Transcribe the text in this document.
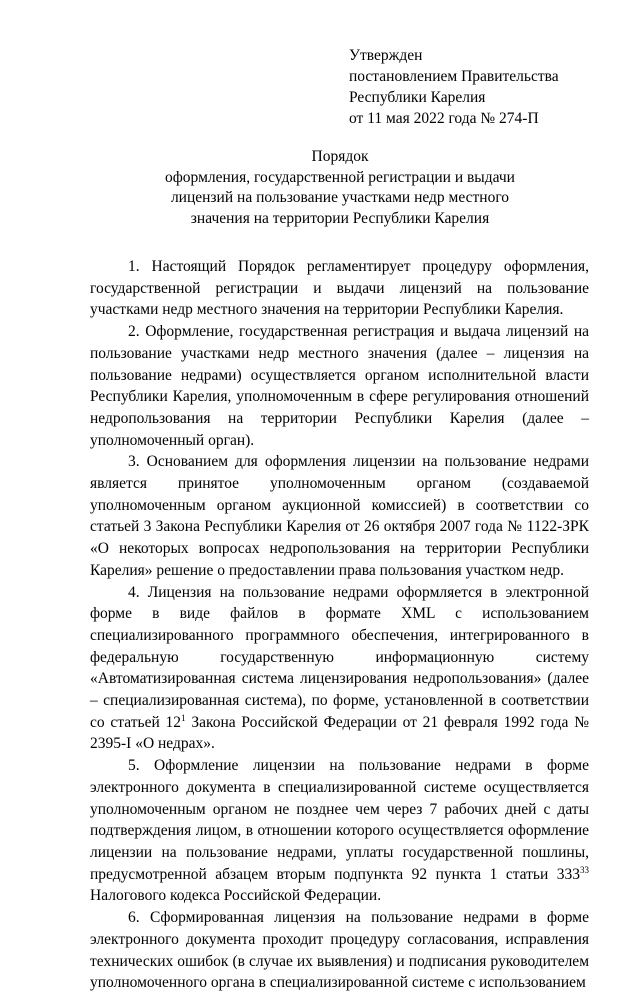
Утвержден
постановлением Правительства
Республики Карелия
от 11 мая 2022 года № 274-П
Порядок
оформления, государственной регистрации и выдачи
лицензий на пользование участками недр местного
значения на территории Республики Карелия

1. Настоящий Порядок регламентирует процедуру оформления, государственной регистрации и выдачи лицензий на пользование участками недр местного значения на территории Республики Карелия.

2. Оформление, государственная регистрация и выдача лицензий на пользование участками недр местного значения (далее – лицензия на пользование недрами) осуществляется органом исполнительной власти Республики Карелия, уполномоченным в сфере регулирования отношений недропользования на территории Республики Карелия (далее – уполномоченный орган).

3. Основанием для оформления лицензии на пользование недрами является принятое уполномоченным органом (создаваемой уполномоченным органом аукционной комиссией) в соответствии со статьей 3 Закона Республики Карелия от 26 октября 2007 года № 1122-ЗРК «О некоторых вопросах недропользования на территории Республики Карелия» решение о предоставлении права пользования участком недр.

4. Лицензия на пользование недрами оформляется в электронной форме в виде файлов в формате XML с использованием специализированного программного обеспечения, интегрированного в федеральную государственную информационную систему «Автоматизированная система лицензирования недропользования» (далее – специализированная система), по форме, установленной в соответствии со статьей $12^1$ Закона Российской Федерации от 21 февраля 1992 года № 2395-I «О недрах».

5. Оформление лицензии на пользование недрами в форме электронного документа в специализированной системе осуществляется уполномоченным органом не позднее чем через 7 рабочих дней с даты подтверждения лицом, в отношении которого осуществляется оформление лицензии на пользование недрами, уплаты государственной пошлины, предусмотренной абзацем вторым подпункта 92 пункта 1 статьи $333^{33}$ Налогового кодекса Российской Федерации.

6. Сформированная лицензия на пользование недрами в форме электронного документа проходит процедуру согласования, исправления технических ошибок (в случае их выявления) и подписания руководителем уполномоченного органа в специализированной системе с использованием
